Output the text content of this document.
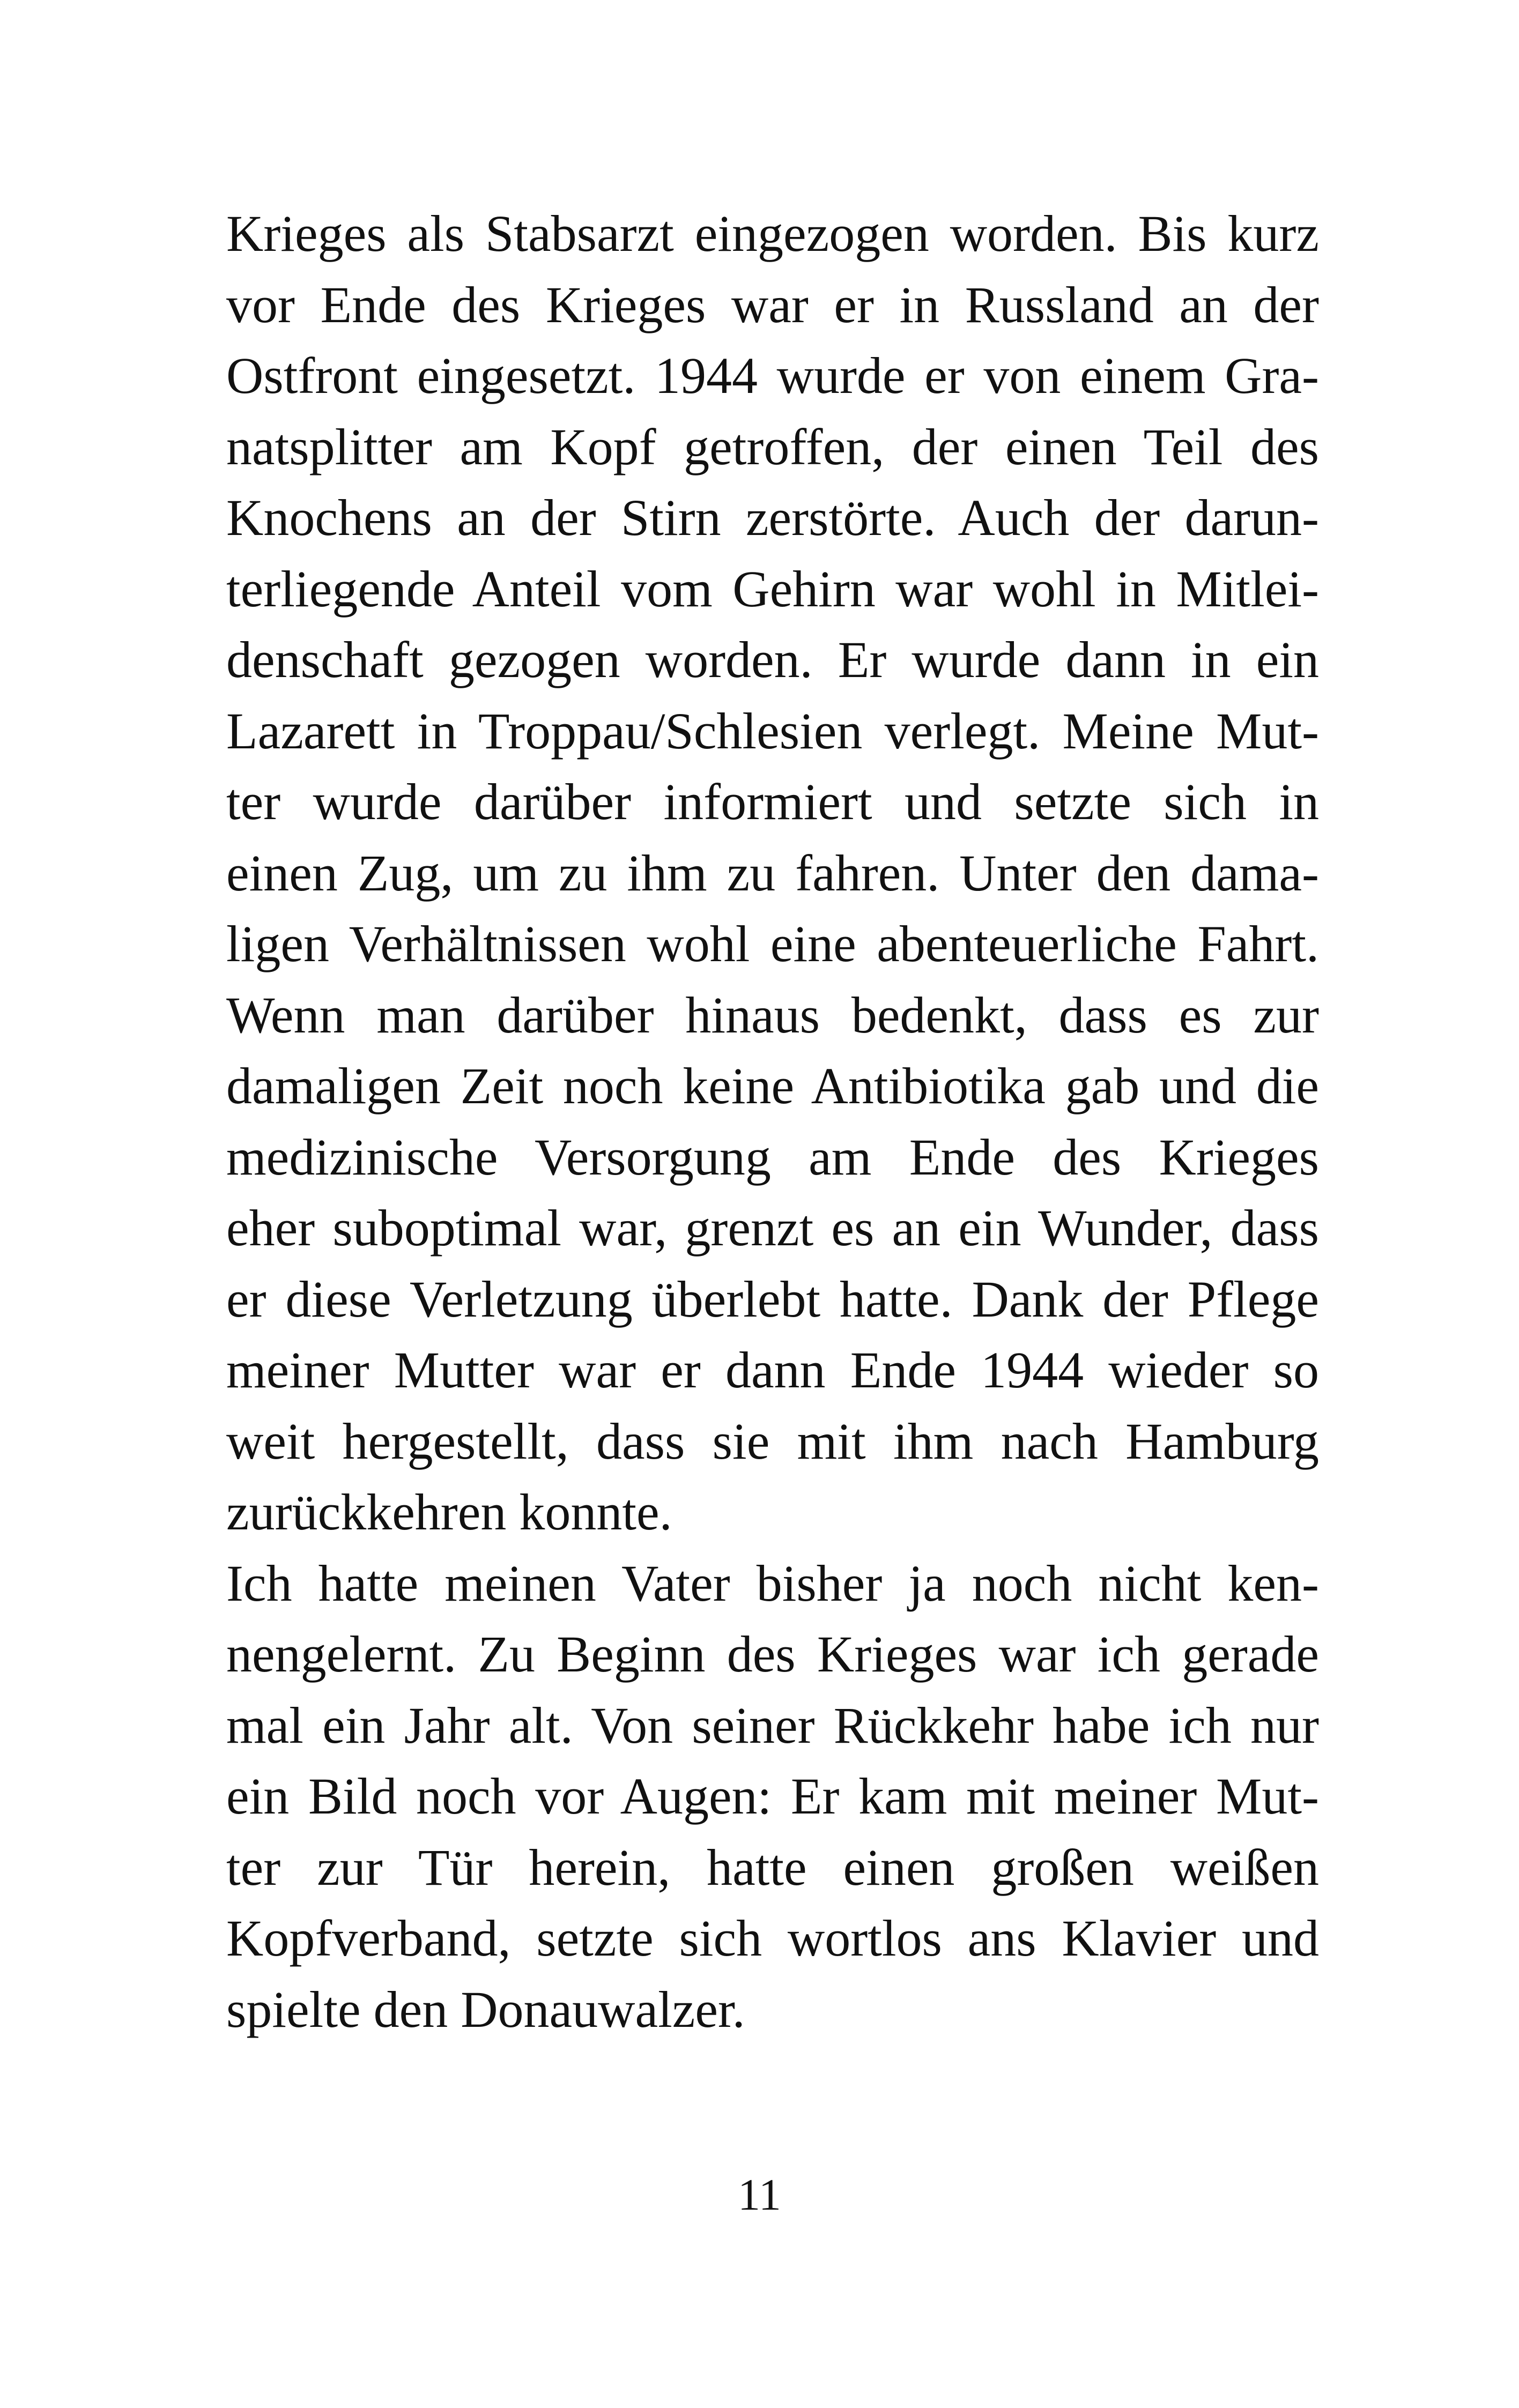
Krieges als Stabsarzt eingezogen worden. Bis kurz
vor Ende des Krieges war er in Russland an der
Ostfront eingesetzt. 1944 wurde er von einem Gra-
natsplitter am Kopf getroffen, der einen Teil des
Knochens an der Stirn zerstörte. Auch der darun-
terliegende Anteil vom Gehirn war wohl in Mitlei-
denschaft gezogen worden. Er wurde dann in ein
Lazarett in Troppau/Schlesien verlegt. Meine Mut-
ter wurde darüber informiert und setzte sich in
einen Zug, um zu ihm zu fahren. Unter den dama-
ligen Verhältnissen wohl eine abenteuerliche Fahrt.
Wenn man darüber hinaus bedenkt, dass es zur
damaligen Zeit noch keine Antibiotika gab und die
medizinische Versorgung am Ende des Krieges
eher suboptimal war, grenzt es an ein Wunder, dass
er diese Verletzung überlebt hatte. Dank der Pflege
meiner Mutter war er dann Ende 1944 wieder so
weit hergestellt, dass sie mit ihm nach Hamburg
zurückkehren konnte.
Ich hatte meinen Vater bisher ja noch nicht ken-
nengelernt. Zu Beginn des Krieges war ich gerade
mal ein Jahr alt. Von seiner Rückkehr habe ich nur
ein Bild noch vor Augen: Er kam mit meiner Mut-
ter zur Tür herein, hatte einen großen weißen
Kopfverband, setzte sich wortlos ans Klavier und
spielte den Donauwalzer.
11
